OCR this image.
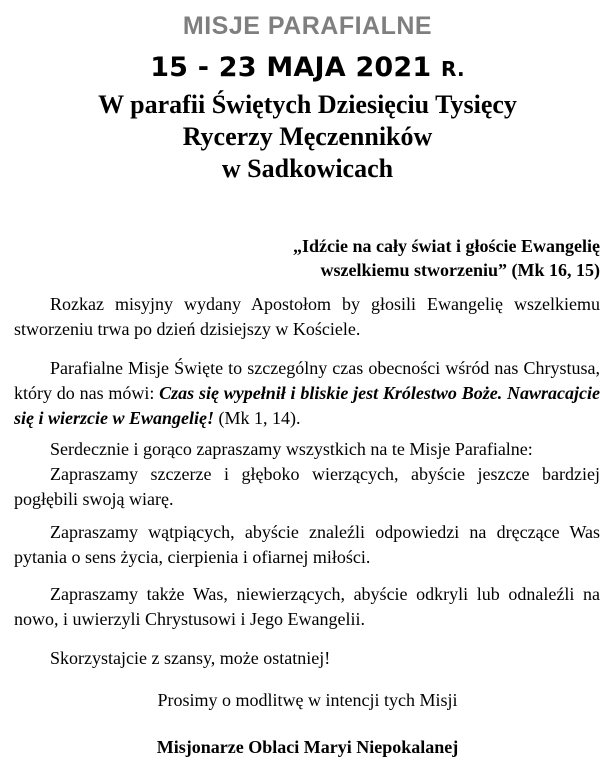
MISJE PARAFIALNE
15 - 23 MAJA 2021 R.
W parafii Świętych Dziesięciu Tysięcy
Rycerzy Męczenników
w Sadkowicach
„Idźcie na cały świat i głoście Ewangelię
wszelkiemu stworzeniu” (Mk 16, 15)
Rozkaz misyjny wydany Apostołom by głosili Ewangelię wszelkiemu stworzeniu trwa po dzień dzisiejszy w Kościele.
Parafialne Misje Święte to szczególny czas obecności wśród nas Chrystusa, który do nas mówi: Czas się wypełnił i bliskie jest Królestwo Boże. Nawracajcie się i wierzcie w Ewangelię! (Mk 1, 14).
Serdecznie i gorąco zapraszamy wszystkich na te Misje Parafialne:
Zapraszamy szczerze i głęboko wierzących, abyście jeszcze bardziej pogłębili swoją wiarę.
Zapraszamy wątpiących, abyście znaleźli odpowiedzi na dręczące Was pytania o sens życia, cierpienia i ofiarnej miłości.
Zapraszamy także Was, niewierzących, abyście odkryli lub odnaleźli na nowo, i uwierzyli Chrystusowi i Jego Ewangelii.
Skorzystajcie z szansy, może ostatniej!
Prosimy o modlitwę w intencji tych Misji
Misjonarze Oblaci Maryi Niepokalanej
